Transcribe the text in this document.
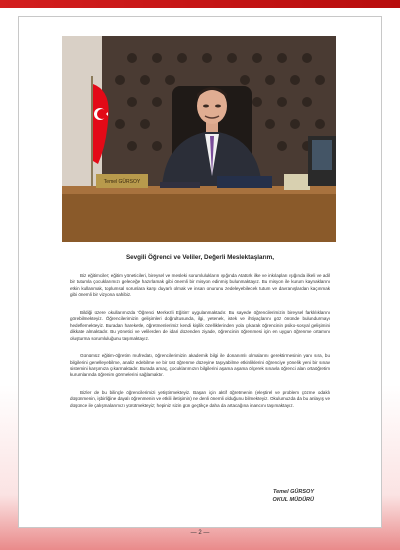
Temel GÜRSOY
Sevgili Öğrenci ve Veliler, Değerli Meslektaşlarım,

Biz eğitimciler; eğitim yöneticileri, bireysel ve mesleki sorumlulukların ışığında Atatürk ilke ve inkılapları ışığında ilkeli ve adil bir tutumla çocuklarımızı geleceğe hazırlamak gibi önemli bir misyon edinmiş bulunmaktayız. Bu misyon ile kurum kaynaklarını etkin kullanmak, toplumsal sorunlara karşı duyarlı olmak ve insan onurunu zedeleyebilecek tutum ve davranışlardan kaçınmak gibi önemli bir vizyona sahibiz.

Bildiği üzere okullarımızda 'Öğrenci Merkezli Eğitim' uygulanmaktadır. Bu sayede öğrencilerimizin bireysel farklılıklarını görebilmekteyiz. Öğrencilerimizin gelişimleri doğrultusunda, ilgi, yetenek, istek ve ihtiyaçlarını göz önünde bulundurmayı hedeflemekteyiz. Buradan hareketle, öğretmenlerimiz kendi kişilik özelliklerinden yola çıkarak öğrencinin psiko-sosyal gelişimini dikkate almaktadır. Bu yönetici ve velilerden de idari düzenden ziyade, öğrencinin öğrenmesi için en uygun öğrenme ortamını oluşturma sorumluluğunu taşımaktayız.

Günümüz eğitim-öğretim mufredatı, öğrencilerimizin akademik bilgi ile donanımlı olmalarını gerektirmesinin yanı sıra, bu bilgilerini genelleyebilme, analiz edebilme ve bir üst öğrenme düzeyine taşıyabilme etkinliklerini öğrenciye yönelik yeni bir sınav sistemini karşımıza çıkarmaktadır. Burada amaç, çocuklarımızın bilgilerini aşama aşama ölçerek sınavla öğrenci alan ortaöğretim kurumlarında öğrenim görmelerini sağlamaktır.

Bizler de bu bilinçle öğrencilerimizi yetiştirmekteyiz. Başarı için aktif öğretmenin (eleştirel ve problem çözme odaklı düşünmenin, işbirliğine dayalı öğrenmenin ve etkili iletişimin) ne denli önemli olduğunu bilmekteyiz. Okulumuzda da bu anlayış ve düşünce ile çalışmalarımızı yürütmekteyiz; hepiniz sizin gün geçtikçe daha da artacağına inancını taşımaktayız.

Temel GÜRSOY
OKUL MÜDÜRÜ
— 2 —
